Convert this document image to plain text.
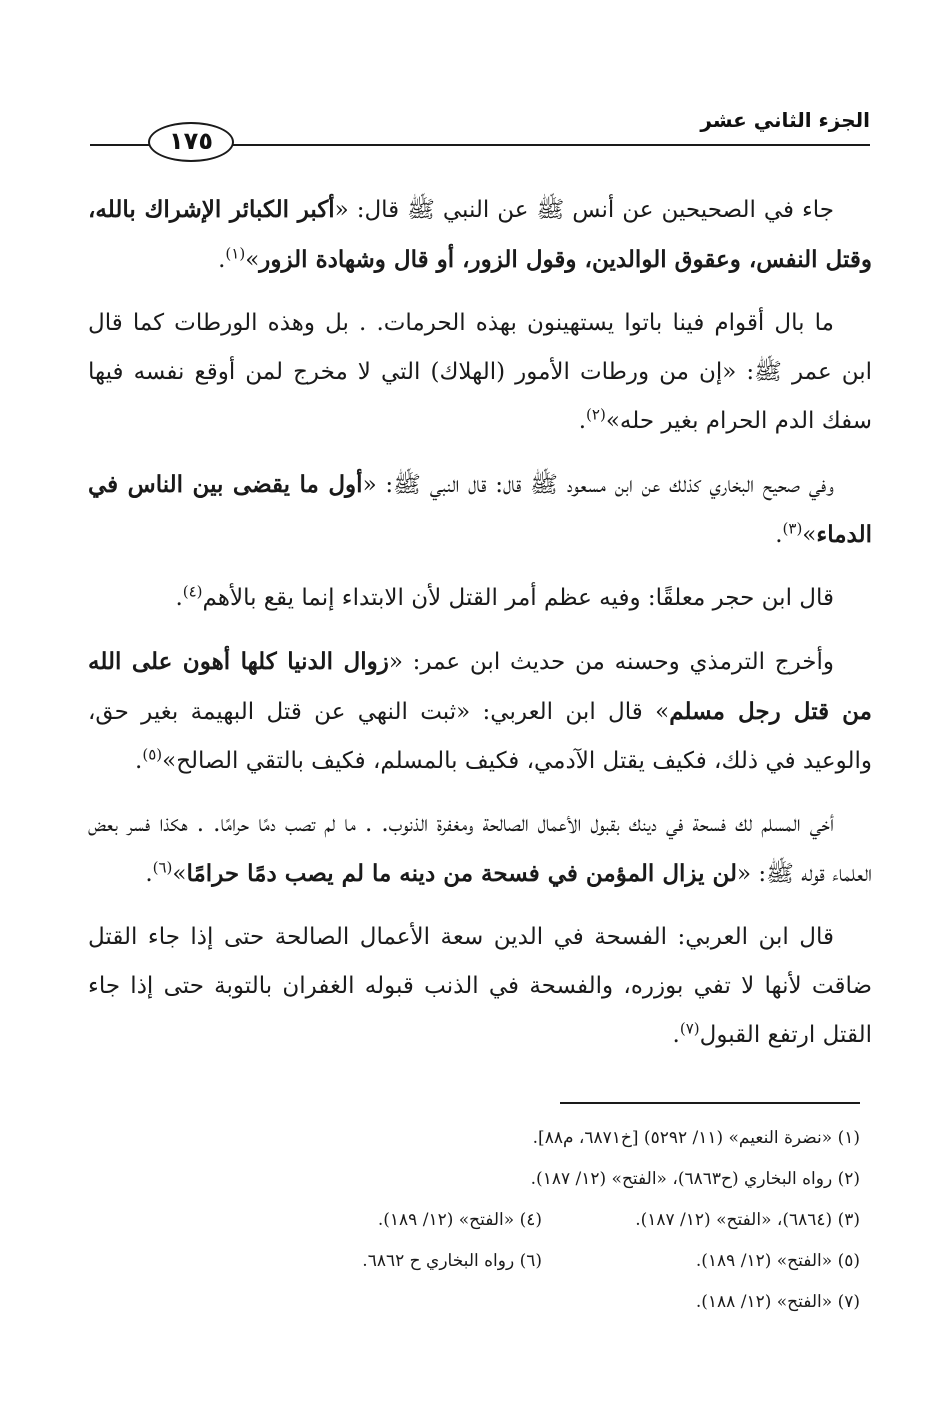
الجزء الثاني عشر
١٧٥

جاء في الصحيحين عن أنس ﷺ عن النبي ﷺ قال: «أكبر الكبائر الإشراك بالله، وقتل النفس، وعقوق الوالدين، وقول الزور، أو قال وشهادة الزور»$^{(١)}$.

ما بال أقوام فينا باتوا يستهينون بهذه الحرمات. . بل وهذه الورطات كما قال ابن عمر ﷺ: «إن من ورطات الأمور (الهلاك) التي لا مخرج لمن أوقع نفسه فيها سفك الدم الحرام بغير حله»$^{(٢)}$.

وفي صحيح البخاري كذلك عن ابن مسعود ﷺ قال: قال النبي ﷺ: «أول ما يقضى بين الناس في الدماء»$^{(٣)}$.

قال ابن حجر معلقًا: وفيه عظم أمر القتل لأن الابتداء إنما يقع بالأهم$^{(٤)}$.

وأخرج الترمذي وحسنه من حديث ابن عمر: «زوال الدنيا كلها أهون على الله من قتل رجل مسلم» قال ابن العربي: «ثبت النهي عن قتل البهيمة بغير حق، والوعيد في ذلك، فكيف يقتل الآدمي، فكيف بالمسلم، فكيف بالتقي الصالح»$^{(٥)}$.

أخي المسلم لك فسحة في دينك بقبول الأعمال الصالحة ومغفرة الذنوب. . ما لم تصب دمًا حرامًا. . هكذا فسر بعض العلماء قوله ﷺ: «لن يزال المؤمن في فسحة من دينه ما لم يصب دمًا حرامًا»$^{(٦)}$.

قال ابن العربي: الفسحة في الدين سعة الأعمال الصالحة حتى إذا جاء القتل ضاقت لأنها لا تفي بوزره، والفسحة في الذنب قبوله الغفران بالتوبة حتى إذا جاء القتل ارتفع القبول$^{(٧)}$.

(١) «نضرة النعيم» (١١/ ٥٢٩٢) [خ٦٨٧١، م٨٨].
(٢) رواه البخاري (ح٦٨٦٣)، «الفتح» (١٢/ ١٨٧).
(٣) (٦٨٦٤)، «الفتح» (١٢/ ١٨٧).
(٤) «الفتح» (١٢/ ١٨٩).
(٥) «الفتح» (١٢/ ١٨٩).
(٦) رواه البخاري ح ٦٨٦٢.
(٧) «الفتح» (١٢/ ١٨٨).
